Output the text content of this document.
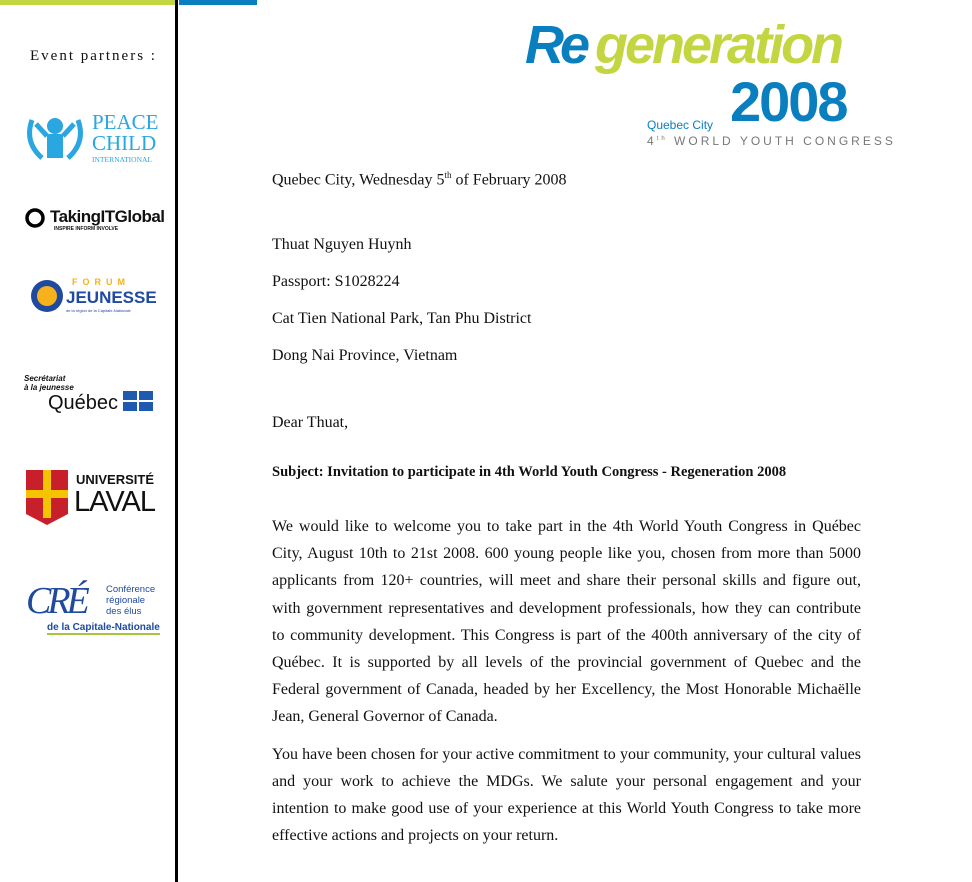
Event partners :
PEACE
CHILD
INTERNATIONAL
TakingITGlobal
INSPIRE INFORM INVOLVE
FORUM
JEUNESSE
de la région de la Capitale-Nationale
Secrétariat
à la jeunesse
Québec
UNIVERSITÉ
LAVAL
CRÉ Conférence
régionale
des élus
de la Capitale-Nationale
Re generation
2008
Quebec City
4th WORLD YOUTH CONGRESS
Quebec City, Wednesday 5th of February 2008
Thuat Nguyen Huynh
Passport: S1028224
Cat Tien National Park, Tan Phu District
Dong Nai Province, Vietnam
Dear Thuat,
Subject: Invitation to participate in 4th World Youth Congress - Regeneration 2008

We would like to welcome you to take part in the 4th World Youth Congress in Québec City, August 10th to 21st 2008. 600 young people like you, chosen from more than 5000 applicants from 120+ countries, will meet and share their personal skills and figure out, with government representatives and development professionals, how they can contribute to community development. This Congress is part of the 400th anniversary of the city of Québec. It is supported by all levels of the provincial government of Quebec and the Federal government of Canada, headed by her Excellency, the Most Honorable Michaëlle Jean, General Governor of Canada.

You have been chosen for your active commitment to your community, your cultural values and your work to achieve the MDGs. We salute your personal engagement and your intention to make good use of your experience at this World Youth Congress to take more effective actions and projects on your return.
